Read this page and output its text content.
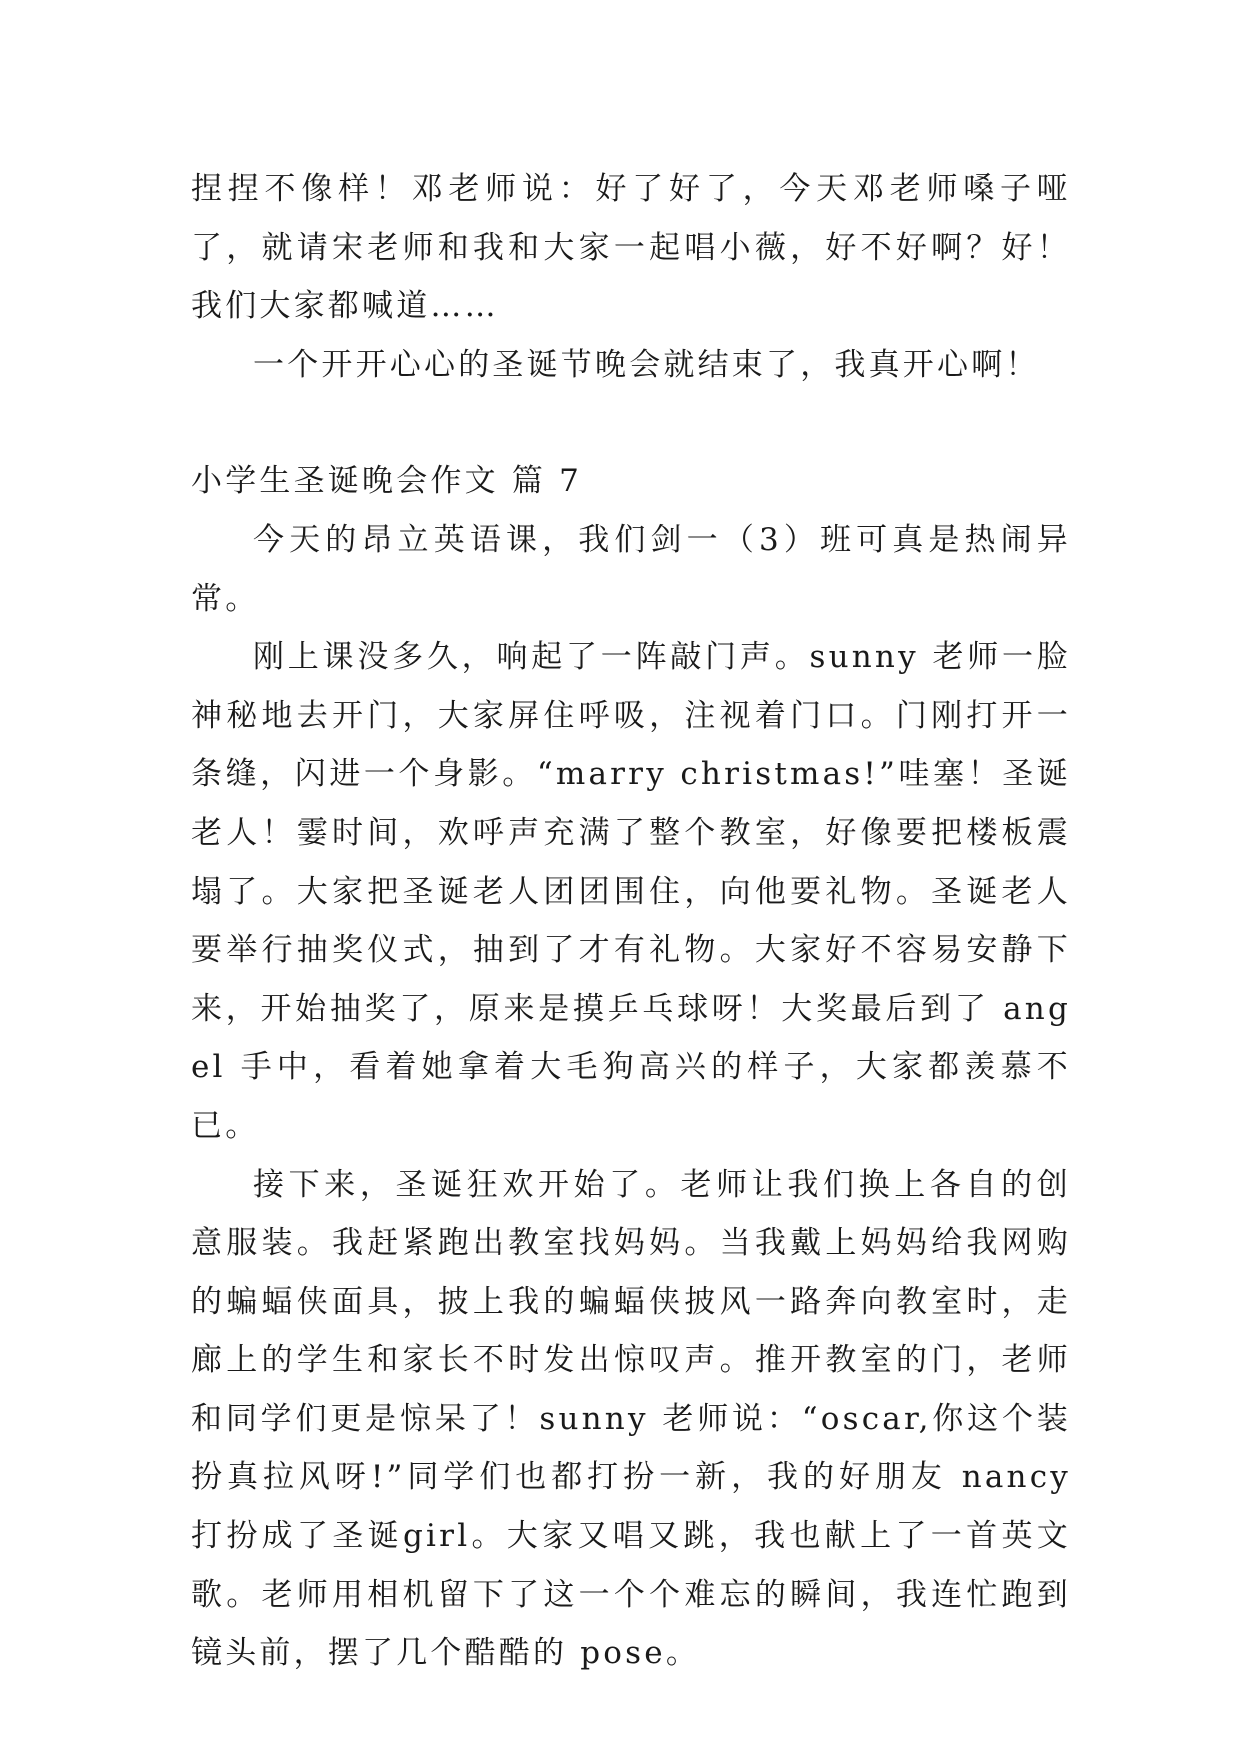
捏捏不像样！邓老师说：好了好了，今天邓老师嗓子哑了，就请宋老师和我和大家一起唱小薇，好不好啊？好！我们大家都喊道……

一个开开心心的圣诞节晚会就结束了，我真开心啊！

小学生圣诞晚会作文 篇 7

今天的昂立英语课，我们剑一（3）班可真是热闹异常。

刚上课没多久，响起了一阵敲门声。sunny 老师一脸神秘地去开门，大家屏住呼吸，注视着门口。门刚打开一条缝，闪进一个身影。“marry christmas!”哇塞！圣诞老人！霎时间，欢呼声充满了整个教室，好像要把楼板震塌了。大家把圣诞老人团团围住，向他要礼物。圣诞老人要举行抽奖仪式，抽到了才有礼物。大家好不容易安静下来，开始抽奖了，原来是摸乒乓球呀！大奖最后到了 angel 手中，看着她拿着大毛狗高兴的样子，大家都羡慕不已。

接下来，圣诞狂欢开始了。老师让我们换上各自的创意服装。我赶紧跑出教室找妈妈。当我戴上妈妈给我网购的蝙蝠侠面具，披上我的蝙蝠侠披风一路奔向教室时，走廊上的学生和家长不时发出惊叹声。推开教室的门，老师和同学们更是惊呆了！sunny 老师说：“oscar,你这个装扮真拉风呀!”同学们也都打扮一新，我的好朋友 nancy 打扮成了圣诞girl。大家又唱又跳，我也献上了一首英文歌。老师用相机留下了这一个个难忘的瞬间，我连忙跑到镜头前，摆了几个酷酷的 pose。
